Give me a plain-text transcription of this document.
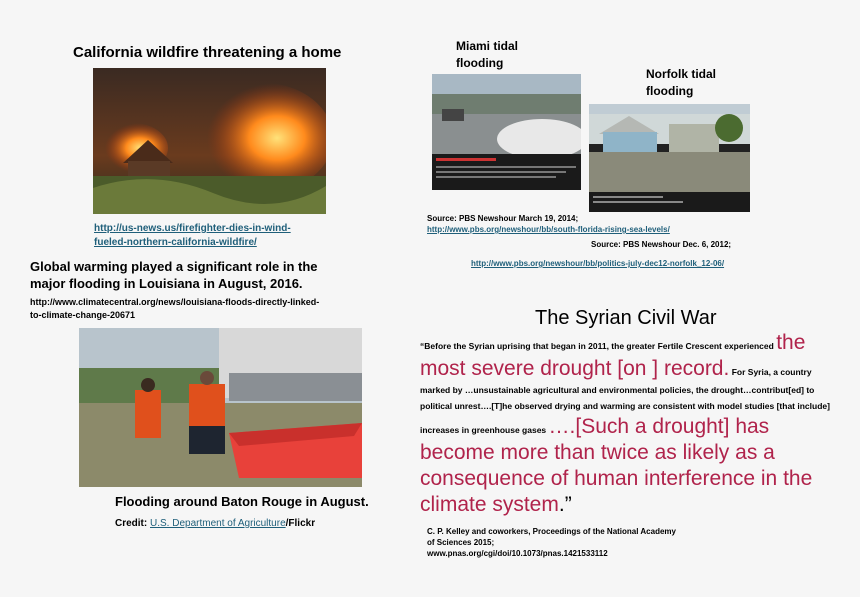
California wildfire threatening a home
http://us-news.us/firefighter-dies-in-wind-fueled-northern-california-wildfire/
Global warming played a significant role in the major flooding in Louisiana in August, 2016.
http://www.climatecentral.org/news/louisiana-floods-directly-linked-to-climate-change-20671
Flooding around Baton Rouge in August.
Credit: U.S. Department of Agriculture/Flickr
Miami tidal flooding
Source: PBS Newshour March 19, 2014;
http://www.pbs.org/newshour/bb/south-florida-rising-sea-levels/
Norfolk tidal flooding
Source: PBS Newshour Dec. 6, 2012;
http://www.pbs.org/newshour/bb/politics-july-dec12-norfolk_12-06/
The Syrian Civil War
“Before the Syrian uprising that began in 2011, the greater Fertile Crescent experienced the most severe drought [on ] record. For Syria, a country marked by …unsustainable agricultural and environmental policies, the drought…contribut[ed] to political unrest….[T]he observed drying and warming are consistent with model studies [that include] increases in greenhouse gases ….[Such a drought] has become more than twice as likely as a consequence of human interference in the climate system.”
C. P. Kelley and coworkers, Proceedings of the National Academy
of Sciences 2015;
www.pnas.org/cgi/doi/10.1073/pnas.1421533112
